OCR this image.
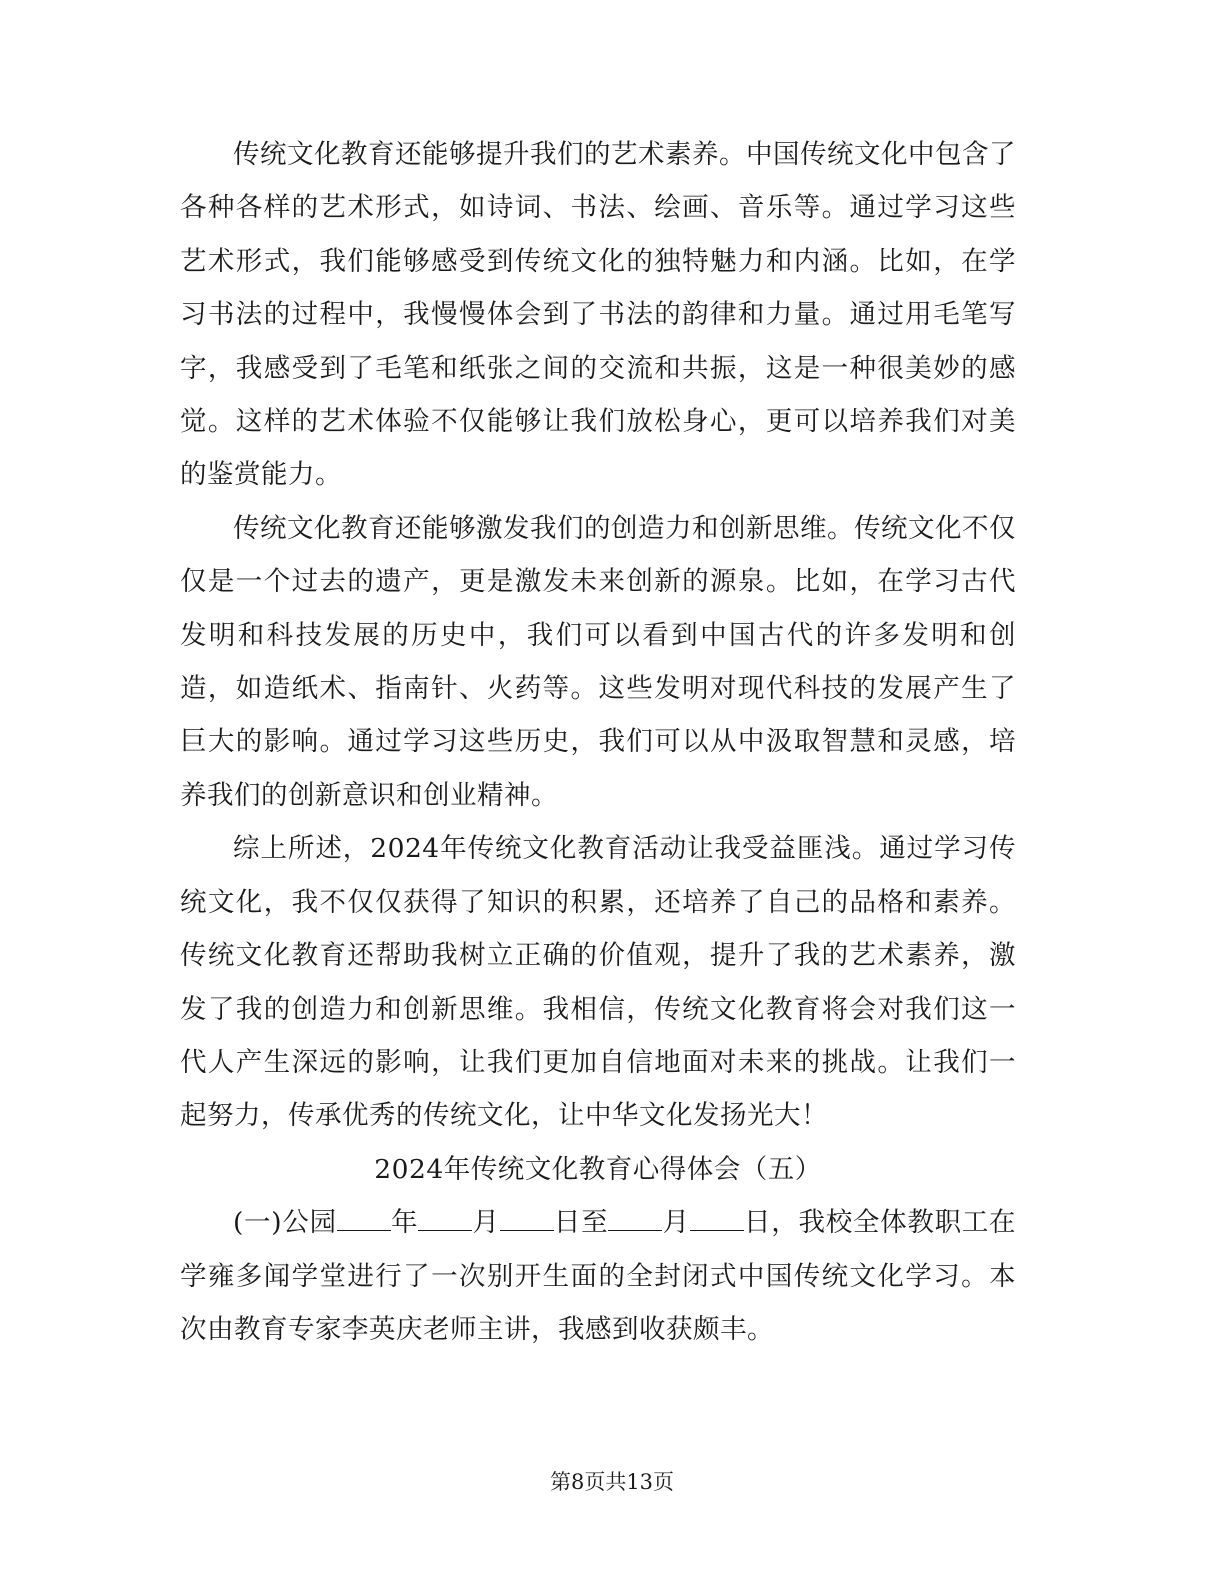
传统文化教育还能够提升我们的艺术素养。中国传统文化中包含了各种各样的艺术形式，如诗词、书法、绘画、音乐等。通过学习这些艺术形式，我们能够感受到传统文化的独特魅力和内涵。比如，在学习书法的过程中，我慢慢体会到了书法的韵律和力量。通过用毛笔写字，我感受到了毛笔和纸张之间的交流和共振，这是一种很美妙的感觉。这样的艺术体验不仅能够让我们放松身心，更可以培养我们对美的鉴赏能力。

传统文化教育还能够激发我们的创造力和创新思维。传统文化不仅仅是一个过去的遗产，更是激发未来创新的源泉。比如，在学习古代发明和科技发展的历史中，我们可以看到中国古代的许多发明和创造，如造纸术、指南针、火药等。这些发明对现代科技的发展产生了巨大的影响。通过学习这些历史，我们可以从中汲取智慧和灵感，培养我们的创新意识和创业精神。

综上所述，2024年传统文化教育活动让我受益匪浅。通过学习传统文化，我不仅仅获得了知识的积累，还培养了自己的品格和素养。传统文化教育还帮助我树立正确的价值观，提升了我的艺术素养，激发了我的创造力和创新思维。我相信，传统文化教育将会对我们这一代人产生深远的影响，让我们更加自信地面对未来的挑战。让我们一起努力，传承优秀的传统文化，让中华文化发扬光大！

2024年传统文化教育心得体会（五）

(一)公园 年 月 日至 月 日，我校全体教职工在学雍多闻学堂进行了一次别开生面的全封闭式中国传统文化学习。本次由教育专家李英庆老师主讲，我感到收获颇丰。

第8页共13页
